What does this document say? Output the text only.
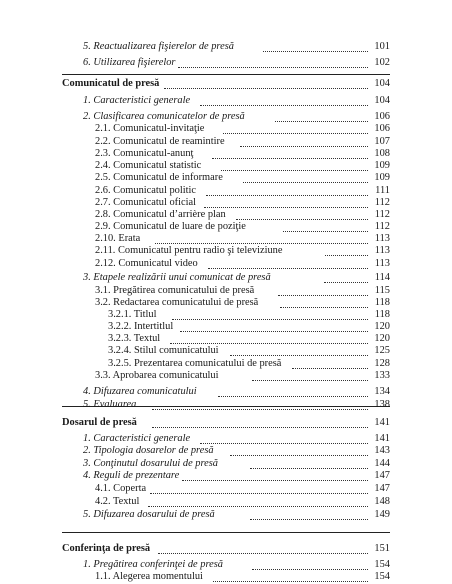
5. Reactualizarea fişierelor de presă	101
6. Utilizarea fişierelor	102
Comunicatul de presă	104
1. Caracteristici generale	104
2. Clasificarea comunicatelor de presă	106
2.1. Comunicatul-invitaţie	106
2.2. Comunicatul de reamintire	107
2.3. Comunicatul-anunţ	108
2.4. Comunicatul statistic	109
2.5. Comunicatul de informare	109
2.6. Comunicatul politic	111
2.7. Comunicatul oficial	112
2.8. Comunicatul d’arrière plan	112
2.9. Comunicatul de luare de poziţie	112
2.10. Erata	113
2.11. Comunicatul pentru radio şi televiziune	113
2.12. Comunicatul video	113
3. Etapele realizării unui comunicat de presă	114
3.1. Pregătirea comunicatului de presă	115
3.2. Redactarea comunicatului de presă	118
3.2.1. Titlul	118
3.2.2. Intertitlul	120
3.2.3. Textul	120
3.2.4. Stilul comunicatului	125
3.2.5. Prezentarea comunicatului de presă	128
3.3. Aprobarea comunicatului	133
4. Difuzarea comunicatului	134
5. Evaluarea	138
Dosarul de presă	141
1. Caracteristici generale	141
2. Tipologia dosarelor de presă	143
3. Conţinutul dosarului de presă	144
4. Reguli de prezentare	147
4.1. Coperta	147
4.2. Textul	148
5. Difuzarea dosarului de presă	149
Conferinţa de presă	151
1. Pregătirea conferinţei de presă	154
1.1. Alegerea momentului	154
